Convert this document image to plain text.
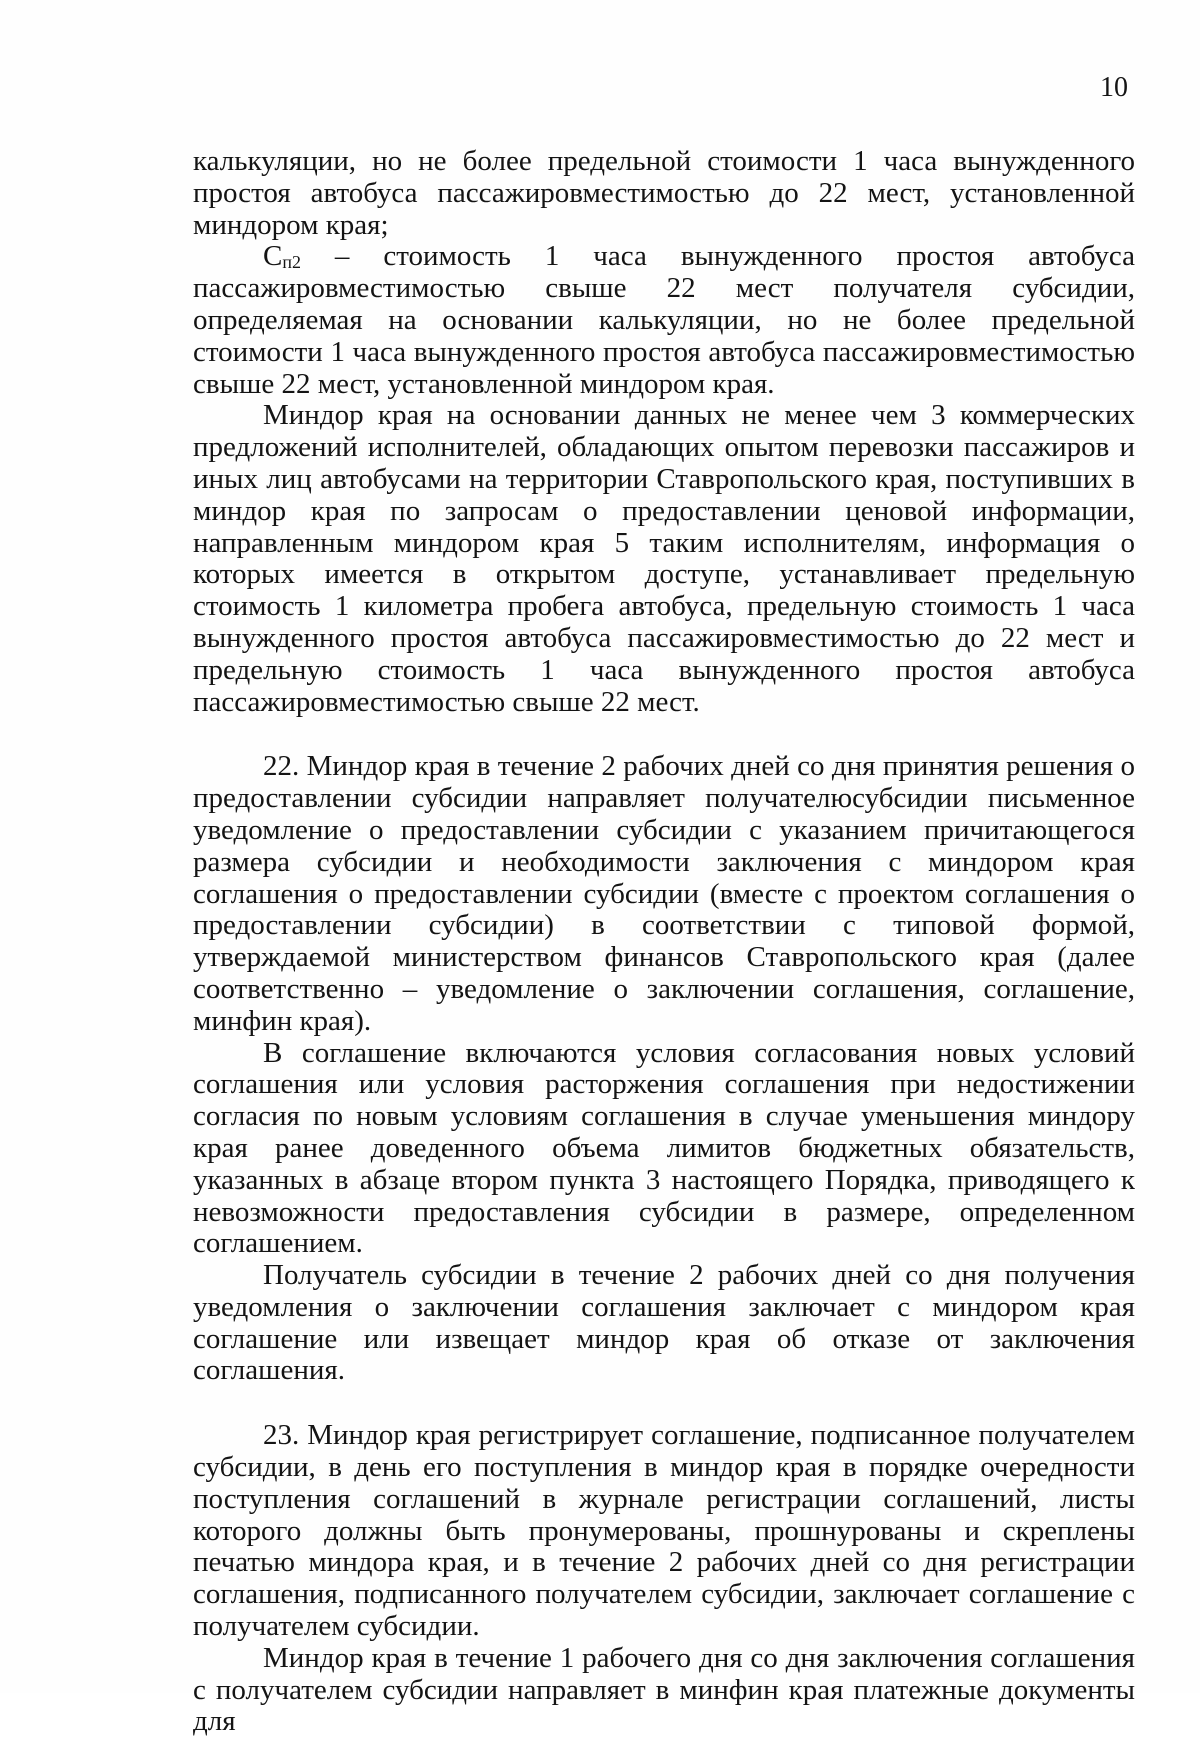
10

калькуляции, но не более предельной стоимости 1 часа вынужденного простоя автобуса пассажировместимостью до 22 мест, установленной миндором края;

Сп2 – стоимость 1 часа вынужденного простоя автобуса пассажировместимостью свыше 22 мест получателя субсидии, определяемая на основании калькуляции, но не более предельной стоимости 1 часа вынужденного простоя автобуса пассажировместимостью свыше 22 мест, установленной миндором края.

Миндор края на основании данных не менее чем 3 коммерческих предложений исполнителей, обладающих опытом перевозки пассажиров и иных лиц автобусами на территории Ставропольского края, поступивших в миндор края по запросам о предоставлении ценовой информации, направленным миндором края 5 таким исполнителям, информация о которых имеется в открытом доступе, устанавливает предельную стоимость 1 километра пробега автобуса, предельную стоимость 1 часа вынужденного простоя автобуса пассажировместимостью до 22 мест и предельную стоимость 1 часа вынужденного простоя автобуса пассажировместимостью свыше 22 мест.

22. Миндор края в течение 2 рабочих дней со дня принятия решения о предоставлении субсидии направляет получателюсубсидии письменное уведомление о предоставлении субсидии с указанием причитающегося размера субсидии и необходимости заключения с миндором края соглашения о предоставлении субсидии (вместе с проектом соглашения о предоставлении субсидии) в соответствии с типовой формой, утверждаемой министерством финансов Ставропольского края (далее соответственно – уведомление о заключении соглашения, соглашение, минфин края).

В соглашение включаются условия согласования новых условий соглашения или условия расторжения соглашения при недостижении согласия по новым условиям соглашения в случае уменьшения миндору края ранее доведенного объема лимитов бюджетных обязательств, указанных в абзаце втором пункта 3 настоящего Порядка, приводящего к невозможности предоставления субсидии в размере, определенном соглашением.

Получатель субсидии в течение 2 рабочих дней со дня получения уведомления о заключении соглашения заключает с миндором края соглашение или извещает миндор края об отказе от заключения соглашения.

23. Миндор края регистрирует соглашение, подписанное получателем субсидии, в день его поступления в миндор края в порядке очередности поступления соглашений в журнале регистрации соглашений, листы которого должны быть пронумерованы, прошнурованы и скреплены печатью миндора края, и в течение 2 рабочих дней со дня регистрации соглашения, подписанного получателем субсидии, заключает соглашение с получателем субсидии.

Миндор края в течение 1 рабочего дня со дня заключения соглашения с получателем субсидии направляет в минфин края платежные документы для
